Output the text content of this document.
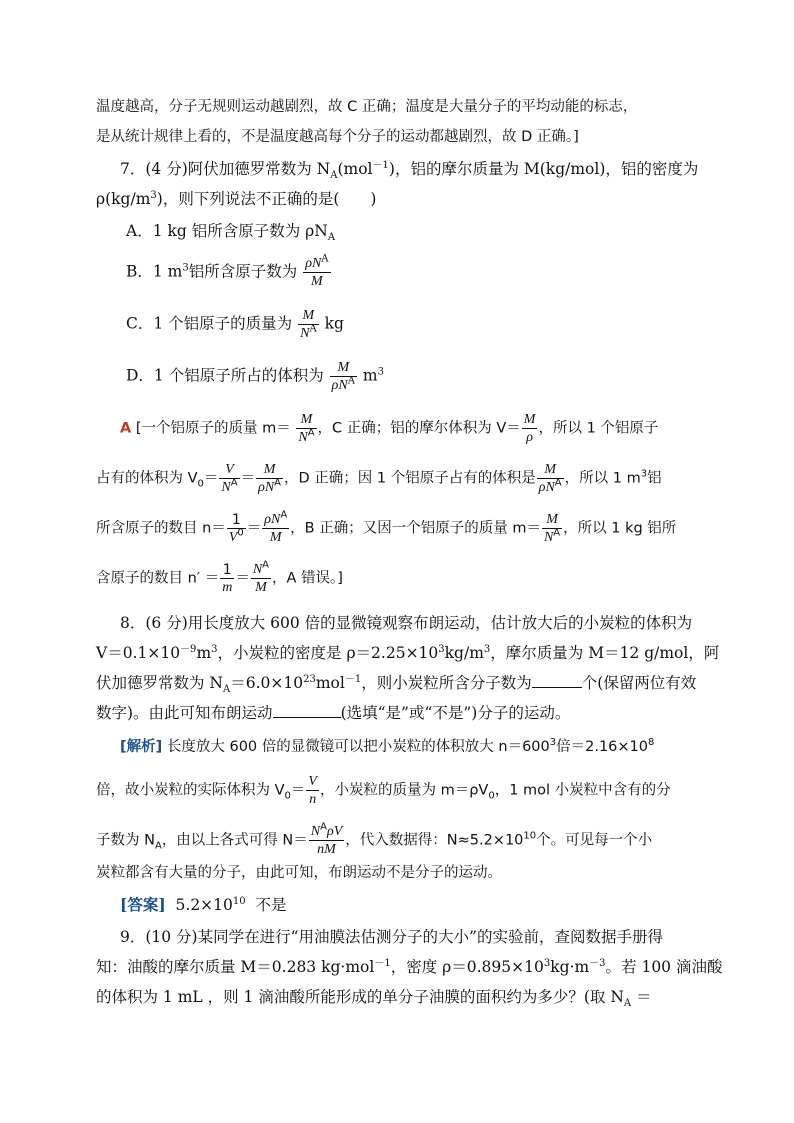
温度越高，分子无规则运动越剧烈，故 C 正确；温度是大量分子的平均动能的标志，
是从统计规律上看的，不是温度越高每个分子的运动都越剧烈，故 D 正确。]
7．(4 分)阿伏加德罗常数为 $N_A(mol^{-1})$，铝的摩尔质量为 M(kg/mol)，铝的密度为
$\rho(kg/m^3)$，则下列说法不正确的是(　　)
A．1 kg 铝所含原子数为 $\rho N_A$
B．1 $m^3$铝所含原子数为 $\frac{\rho N^A}{M}$
C．1 个铝原子的质量为 $\frac{M}{N^A}$ kg
D．1 个铝原子所占的体积为 $\frac{M}{\rho N^A} m^3$
A [一个铝原子的质量 $m= \frac{M}{N^A}$ ，C 正确；铝的摩尔体积为 $V= \frac{M}{\rho}$ ，所以 1 个铝原子
占有的体积为 $V_0= \frac{V}{N^A} = \frac{M}{\rho N^A}$ ，D 正确；因 1 个铝原子占有的体积是 $\frac{M}{\rho N^A}$ ，所以 1 $m^3$铝
所含原子的数目 $n= \frac{1}{V^0} = \frac{\rho N^A}{M}$ ，B 正确；又因一个铝原子的质量 $m= \frac{M}{N^A}$ ，所以 1 kg 铝所
含原子的数目 $n' = \frac{1}{m} = \frac{N^A}{M}$ ，A 错误。]
8．(6 分)用长度放大 600 倍的显微镜观察布朗运动，估计放大后的小炭粒的体积为
$V=0.1\times 10^{-9}m^3$，小炭粒的密度是 $\rho=2.25\times 10^3kg/m^3$，摩尔质量为 M＝12 g/mol，阿
伏加德罗常数为 $N_A=6.0\times 10^{23}mol^{-1}$，则小炭粒所含分子数为	个(保留两位有效
数字)。由此可知布朗运动	(选填“是”或“不是”)分子的运动。
[解析] 长度放大 600 倍的显微镜可以把小炭粒的体积放大 $n=600^3$倍$=2.16\times 10^8$
倍，故小炭粒的实际体积为 $V_0= \frac{V}{n}$ ，小炭粒的质量为 $m=\rho V_0$，1 mol 小炭粒中含有的分
子数为 $N_A$，由以上各式可得 $N= \frac{N^A\rho V}{nM}$ ，代入数据得：$N\approx 5.2\times 10^{10}$个。可见每一个小
炭粒都含有大量的分子，由此可知，布朗运动不是分子的运动。
[答案] $5.2\times 10^{10}$ 不是
9．(10 分)某同学在进行“用油膜法估测分子的大小”的实验前，查阅数据手册得
知：油酸的摩尔质量 M＝0.283 kg·mol$^{-1}$，密度 $\rho=0.895\times 10^3kg\cdot m^{-3}$。若 100 滴油酸
的体积为 1 mL ，则 1 滴油酸所能形成的单分子油膜的面积约为多少？(取 $N_A$ ＝
